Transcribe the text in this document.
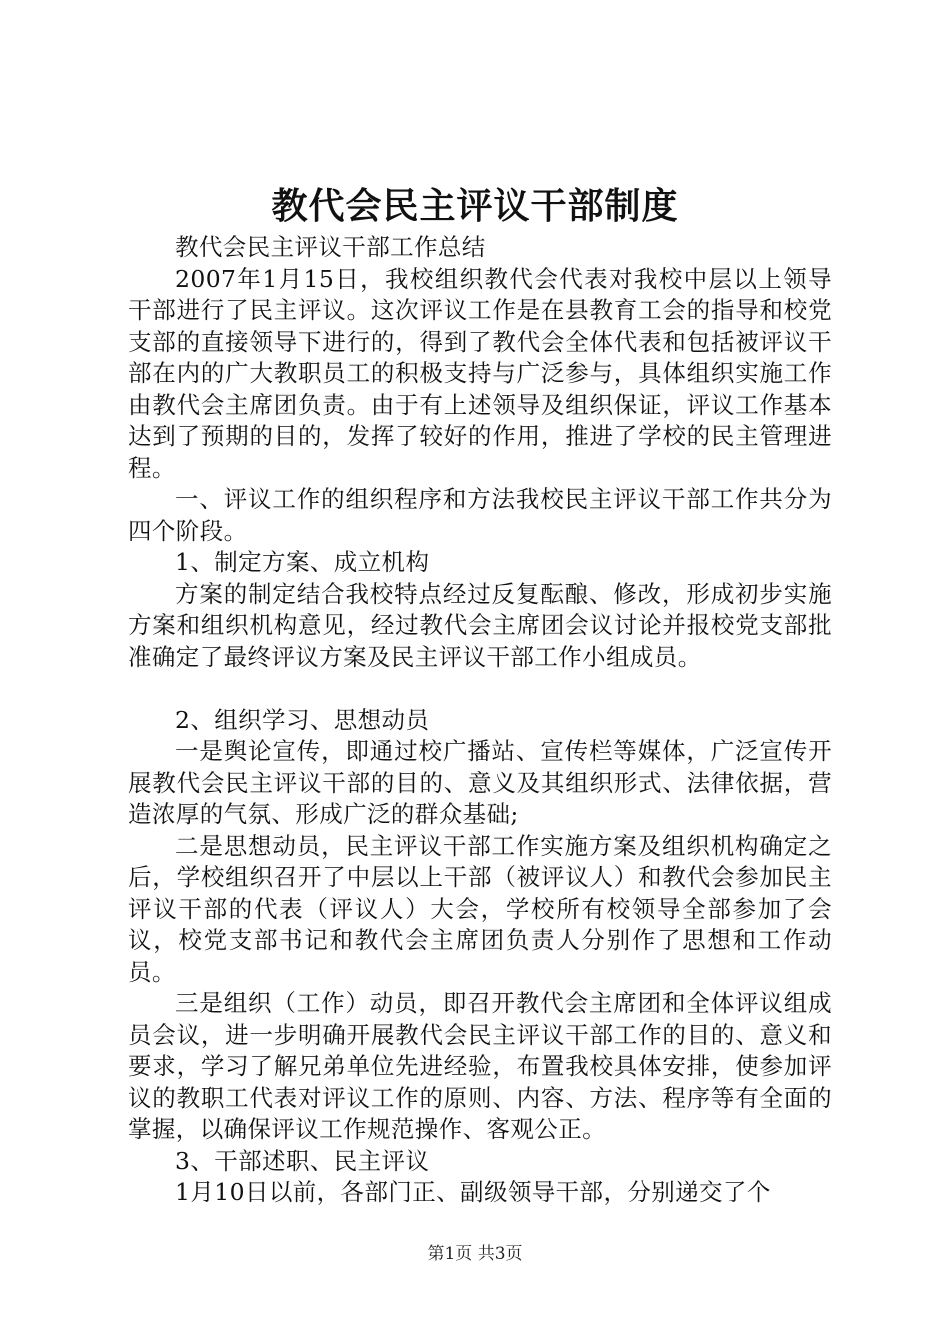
教代会民主评议干部制度

教代会民主评议干部工作总结

2007年1月15日，我校组织教代会代表对我校中层以上领导干部进行了民主评议。这次评议工作是在县教育工会的指导和校党支部的直接领导下进行的，得到了教代会全体代表和包括被评议干部在内的广大教职员工的积极支持与广泛参与，具体组织实施工作由教代会主席团负责。由于有上述领导及组织保证，评议工作基本达到了预期的目的，发挥了较好的作用，推进了学校的民主管理进程。

一、评议工作的组织程序和方法我校民主评议干部工作共分为四个阶段。

1、制定方案、成立机构

方案的制定结合我校特点经过反复酝酿、修改，形成初步实施方案和组织机构意见，经过教代会主席团会议讨论并报校党支部批准确定了最终评议方案及民主评议干部工作小组成员。

2、组织学习、思想动员

一是舆论宣传，即通过校广播站、宣传栏等媒体，广泛宣传开展教代会民主评议干部的目的、意义及其组织形式、法律依据，营造浓厚的气氛、形成广泛的群众基础;

二是思想动员，民主评议干部工作实施方案及组织机构确定之后，学校组织召开了中层以上干部（被评议人）和教代会参加民主评议干部的代表（评议人）大会，学校所有校领导全部参加了会议，校党支部书记和教代会主席团负责人分别作了思想和工作动员。

三是组织（工作）动员，即召开教代会主席团和全体评议组成员会议，进一步明确开展教代会民主评议干部工作的目的、意义和要求，学习了解兄弟单位先进经验，布置我校具体安排，使参加评议的教职工代表对评议工作的原则、内容、方法、程序等有全面的掌握，以确保评议工作规范操作、客观公正。

3、干部述职、民主评议

1月10日以前，各部门正、副级领导干部，分别递交了个

第1页 共3页
